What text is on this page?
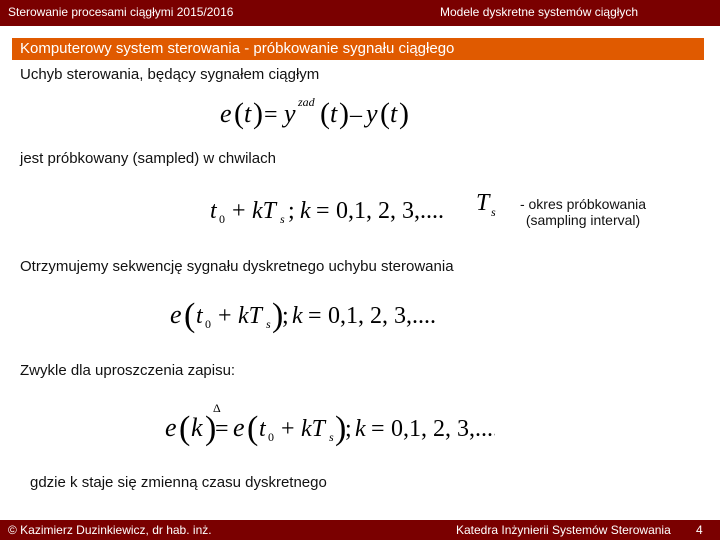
Sterowanie procesami ciągłymi 2015/2016	Modele dyskretne systemów ciągłych
Komputerowy system sterowania - próbkowanie sygnału ciągłego
Uchyb sterowania, będący sygnałem ciągłym
e ( t ) = y zad ( t ) – y ( t )
jest próbkowany (sampled) w chwilach
t 0 + kT s ; k = 0,1, 2, 3,.... T s	- okres próbkowania
(sampling interval)
Otrzymujemy sekwencję sygnału dyskretnego uchybu sterowania
e ( t 0 + kT s )
; k = 0,1, 2, 3,....
Zwykle dla uproszczenia zapisu:
e ( k )
Δ
= e ( t 0 + kT s )
; k = 0,1, 2, 3,....
gdzie k staje się zmienną czasu dyskretnego
© Kazimierz Duzinkiewicz, dr hab. inż.	Katedra Inżynierii Systemów Sterowania 4
